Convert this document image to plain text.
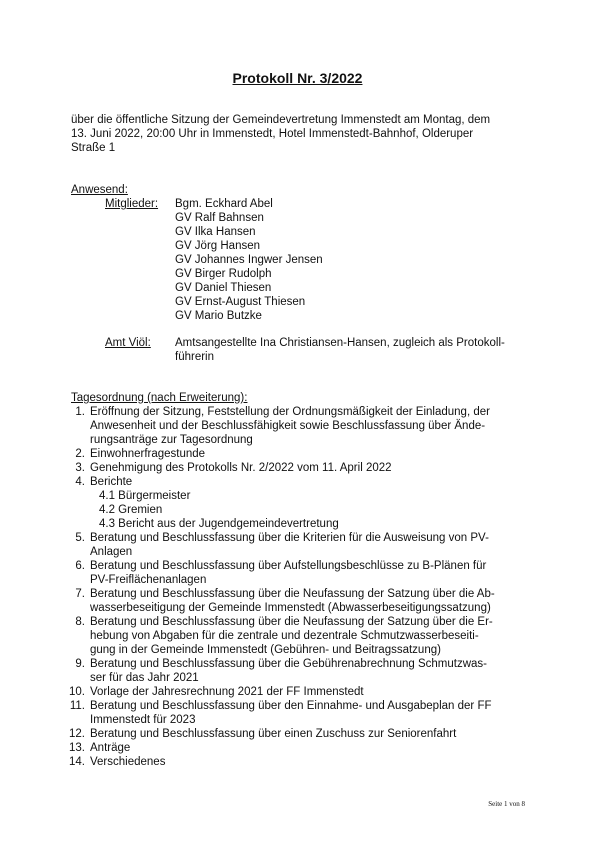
Protokoll Nr. 3/2022
über die öffentliche Sitzung der Gemeindevertretung Immenstedt am Montag, dem
13. Juni 2022, 20:00 Uhr in Immenstedt, Hotel Immenstedt-Bahnhof, Olderuper
Straße 1
Anwesend:
Mitglieder: Bgm. Eckhard Abel
GV Ralf Bahnsen
GV Ilka Hansen
GV Jörg Hansen
GV Johannes Ingwer Jensen
GV Birger Rudolph
GV Daniel Thiesen
GV Ernst-August Thiesen
GV Mario Butzke
Amt Viöl: Amtsangestellte Ina Christiansen-Hansen, zugleich als Protokoll-
führerin
Tagesordnung (nach Erweiterung):
1. Eröffnung der Sitzung, Feststellung der Ordnungsmäßigkeit der Einladung, der
Anwesenheit und der Beschlussfähigkeit sowie Beschlussfassung über Ände-
rungsanträge zur Tagesordnung
2. Einwohnerfragestunde
3. Genehmigung des Protokolls Nr. 2/2022 vom 11. April 2022
4. Berichte
4.1 Bürgermeister
4.2 Gremien
4.3 Bericht aus der Jugendgemeindevertretung
5. Beratung und Beschlussfassung über die Kriterien für die Ausweisung von PV-
Anlagen
6. Beratung und Beschlussfassung über Aufstellungsbeschlüsse zu B-Plänen für
PV-Freiflächenanlagen
7. Beratung und Beschlussfassung über die Neufassung der Satzung über die Ab-
wasserbeseitigung der Gemeinde Immenstedt (Abwasserbeseitigungssatzung)
8. Beratung und Beschlussfassung über die Neufassung der Satzung über die Er-
hebung von Abgaben für die zentrale und dezentrale Schmutzwasserbeseiti-
gung in der Gemeinde Immenstedt (Gebühren- und Beitragssatzung)
9. Beratung und Beschlussfassung über die Gebührenabrechnung Schmutzwas-
ser für das Jahr 2021
10. Vorlage der Jahresrechnung 2021 der FF Immenstedt
11. Beratung und Beschlussfassung über den Einnahme- und Ausgabeplan der FF
Immenstedt für 2023
12. Beratung und Beschlussfassung über einen Zuschuss zur Seniorenfahrt
13. Anträge
14. Verschiedenes
Seite 1 von 8
